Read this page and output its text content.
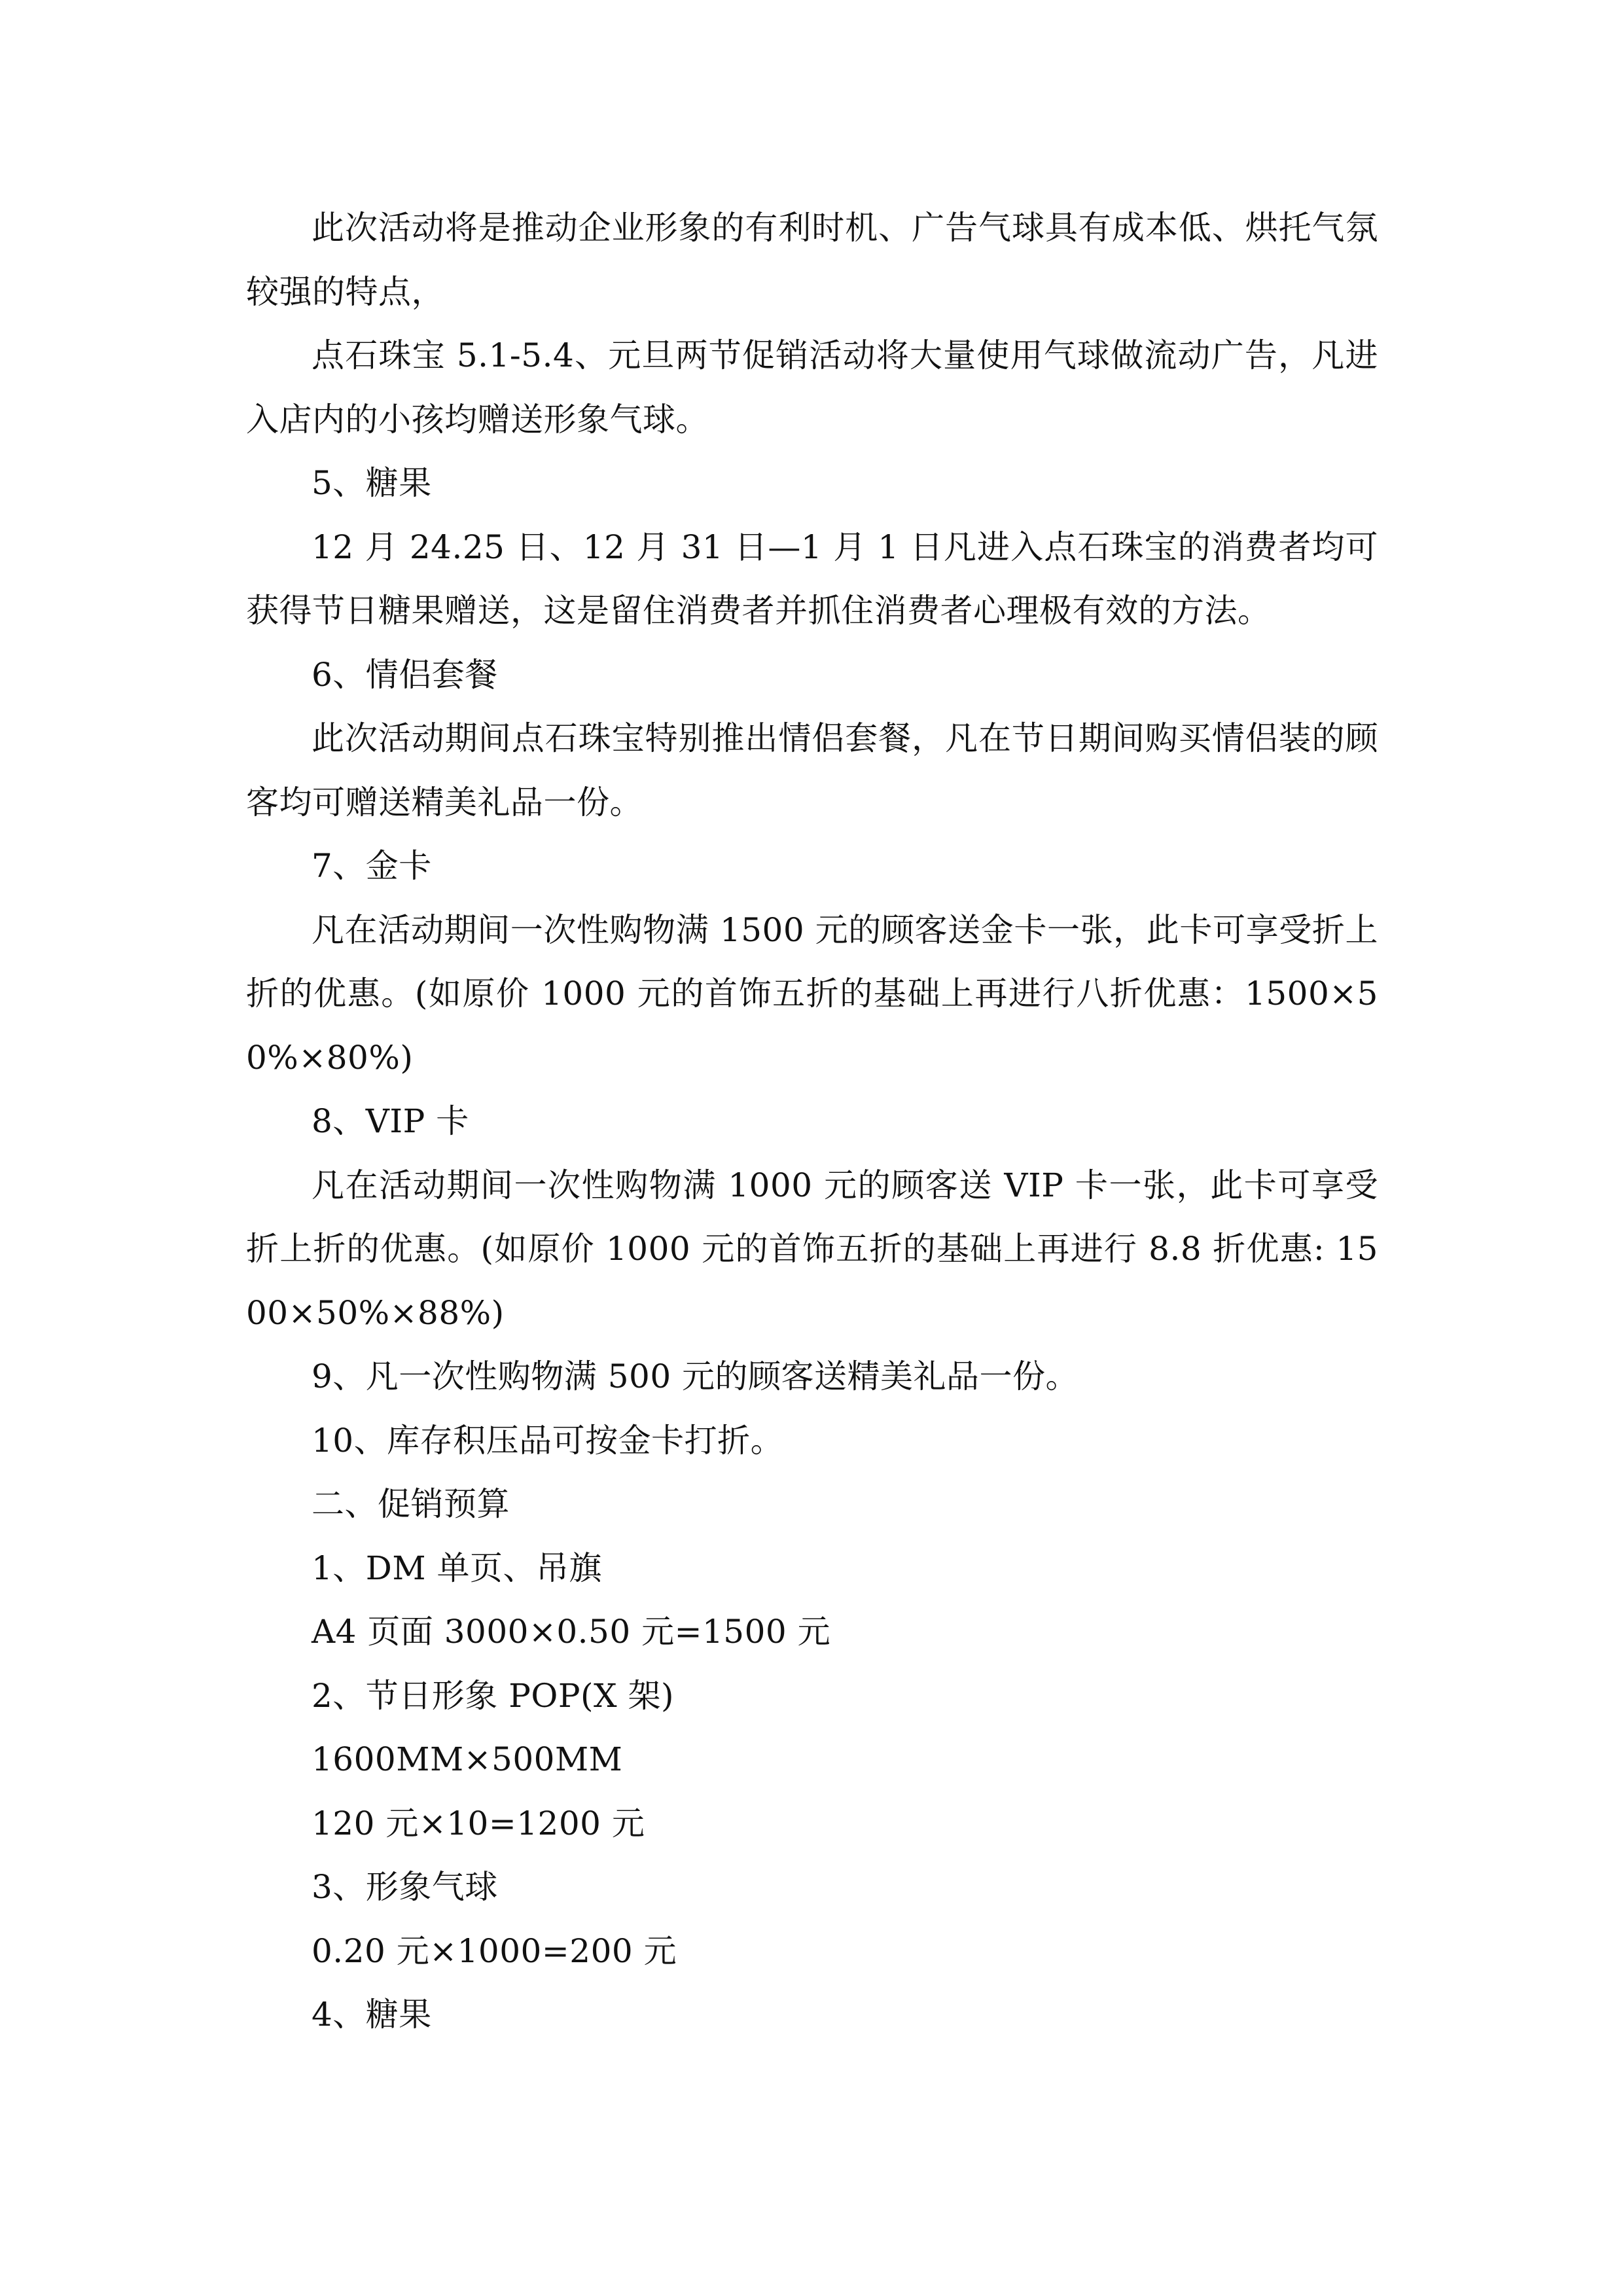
此次活动将是推动企业形象的有利时机、广告气球具有成本低、烘托气氛较强的特点，

点石珠宝 5.1-5.4、元旦两节促销活动将大量使用气球做流动广告，凡进入店内的小孩均赠送形象气球。

5、糖果

12 月 24.25 日、12 月 31 日—1 月 1 日凡进入点石珠宝的消费者均可获得节日糖果赠送，这是留住消费者并抓住消费者心理极有效的方法。

6、情侣套餐

此次活动期间点石珠宝特别推出情侣套餐，凡在节日期间购买情侣装的顾客均可赠送精美礼品一份。

7、金卡

凡在活动期间一次性购物满 1500 元的顾客送金卡一张，此卡可享受折上折的优惠。(如原价 1000 元的首饰五折的基础上再进行八折优惠：1500×50%×80%)

8、VIP 卡

凡在活动期间一次性购物满 1000 元的顾客送 VIP 卡一张，此卡可享受折上折的优惠。(如原价 1000 元的首饰五折的基础上再进行 8.8 折优惠: 1500×50%×88%)

9、凡一次性购物满 500 元的顾客送精美礼品一份。

10、库存积压品可按金卡打折。

二、促销预算

1、DM 单页、吊旗

A4 页面 3000×0.50 元=1500 元

2、节日形象 POP(X 架)

1600MM×500MM

120 元×10=1200 元

3、形象气球

0.20 元×1000=200 元

4、糖果
